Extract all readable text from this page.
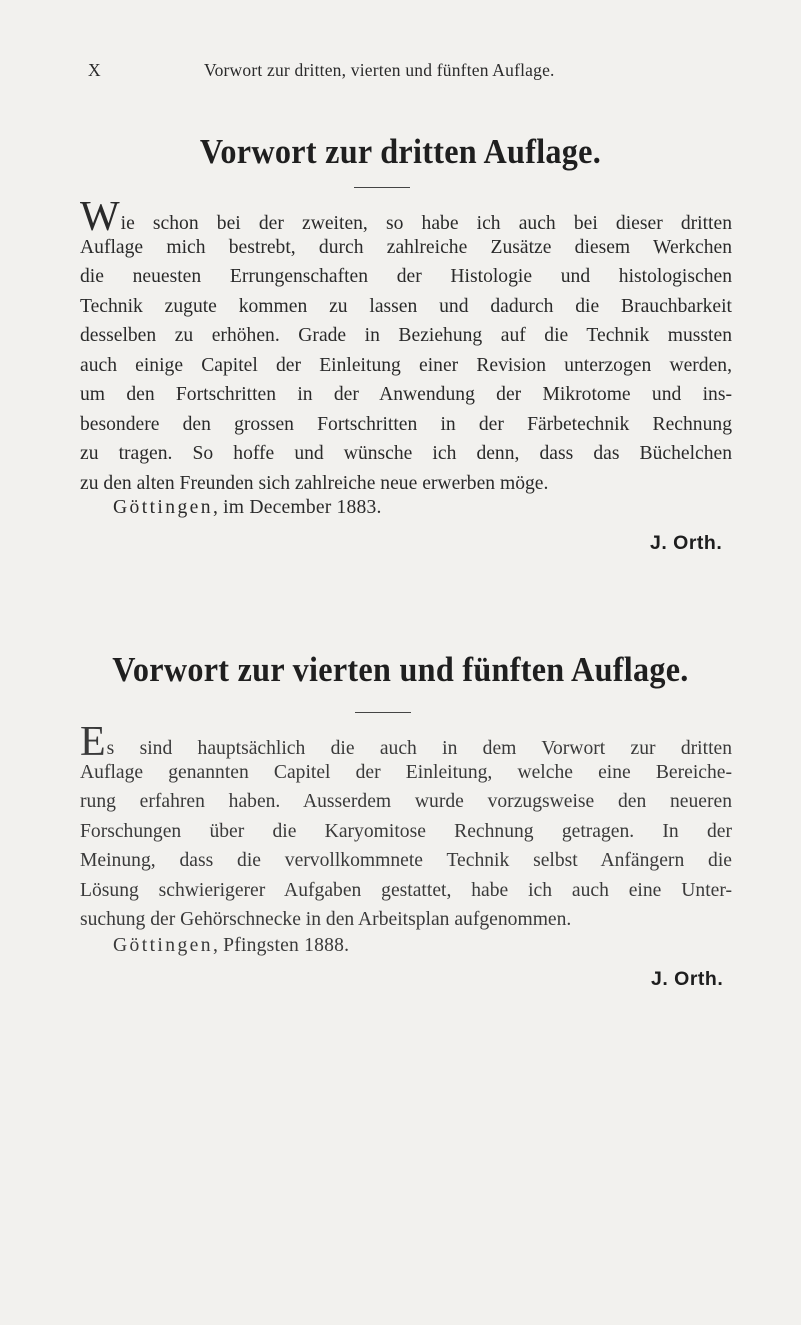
X	Vorwort zur dritten, vierten und fünften Auflage.
Vorwort zur dritten Auflage.
Wie schon bei der zweiten, so habe ich auch bei dieser dritten
Auflage mich bestrebt, durch zahlreiche Zusätze diesem Werkchen
die neuesten Errungenschaften der Histologie und histologischen
Technik zugute kommen zu lassen und dadurch die Brauchbarkeit
desselben zu erhöhen. Grade in Beziehung auf die Technik mussten
auch einige Capitel der Einleitung einer Revision unterzogen werden,
um den Fortschritten in der Anwendung der Mikrotome und ins-
besondere den grossen Fortschritten in der Färbetechnik Rechnung
zu tragen. So hoffe und wünsche ich denn, dass das Büchelchen
zu den alten Freunden sich zahlreiche neue erwerben möge.
Göttingen, im December 1883.
J. Orth.
Vorwort zur vierten und fünften Auflage.
Es sind hauptsächlich die auch in dem Vorwort zur dritten
Auflage genannten Capitel der Einleitung, welche eine Bereiche-
rung erfahren haben. Ausserdem wurde vorzugsweise den neueren
Forschungen über die Karyomitose Rechnung getragen. In der
Meinung, dass die vervollkommnete Technik selbst Anfängern die
Lösung schwierigerer Aufgaben gestattet, habe ich auch eine Unter-
suchung der Gehörschnecke in den Arbeitsplan aufgenommen.
Göttingen, Pfingsten 1888.
J. Orth.
